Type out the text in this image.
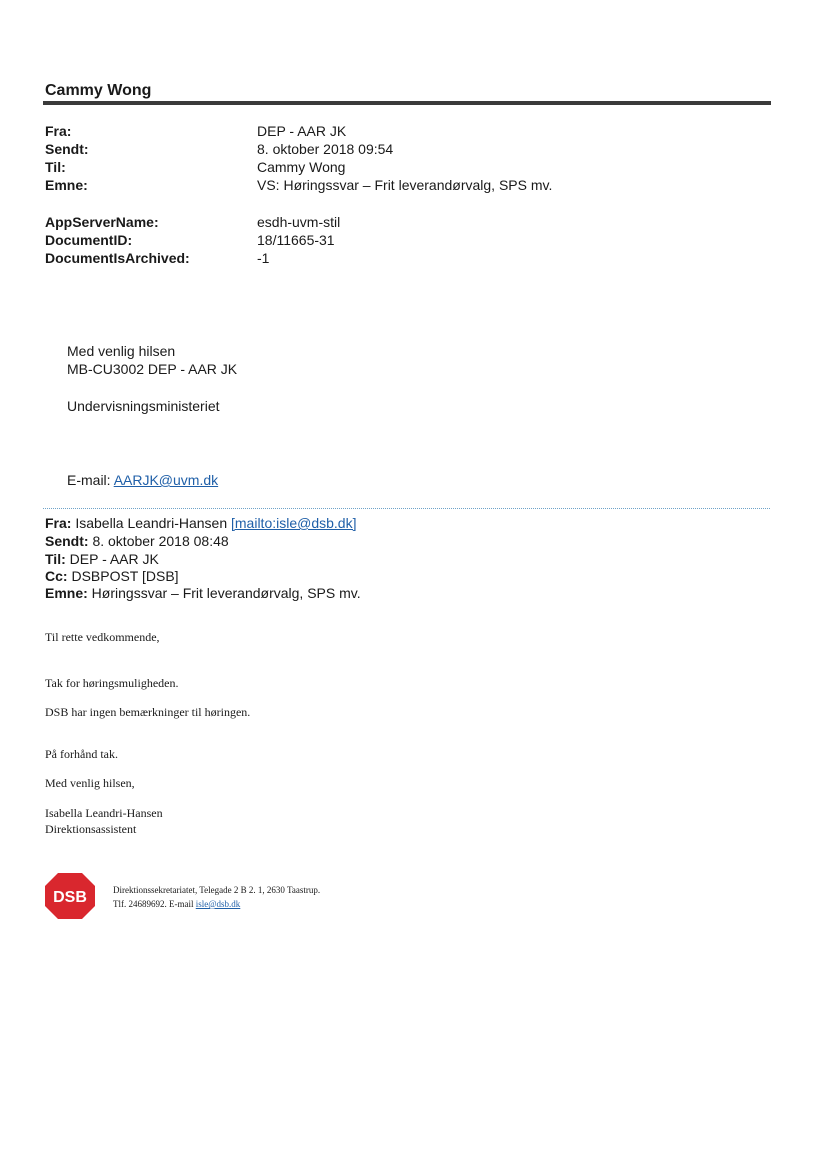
Cammy Wong
Fra:	DEP - AAR JK
Sendt:	8. oktober 2018 09:54
Til:	Cammy Wong
Emne:	VS: Høringssvar – Frit leverandørvalg, SPS mv.
AppServerName:	esdh-uvm-stil
DocumentID:	18/11665-31
DocumentIsArchived:	-1
Med venlig hilsen
MB-CU3002 DEP - AAR JK
Undervisningsministeriet
E-mail: AARJK@uvm.dk
Fra: Isabella Leandri-Hansen [mailto:isle@dsb.dk]
Sendt: 8. oktober 2018 08:48
Til: DEP - AAR JK
Cc: DSBPOST [DSB]
Emne: Høringssvar – Frit leverandørvalg, SPS mv.
Til rette vedkommende,
Tak for høringsmuligheden.
DSB har ingen bemærkninger til høringen.
På forhånd tak.
Med venlig hilsen,
Isabella Leandri-Hansen
Direktionsassistent
DSB	Direktionssekretariatet, Telegade 2 B 2. 1, 2630 Taastrup.
Tlf. 24689692. E-mail isle@dsb.dk
